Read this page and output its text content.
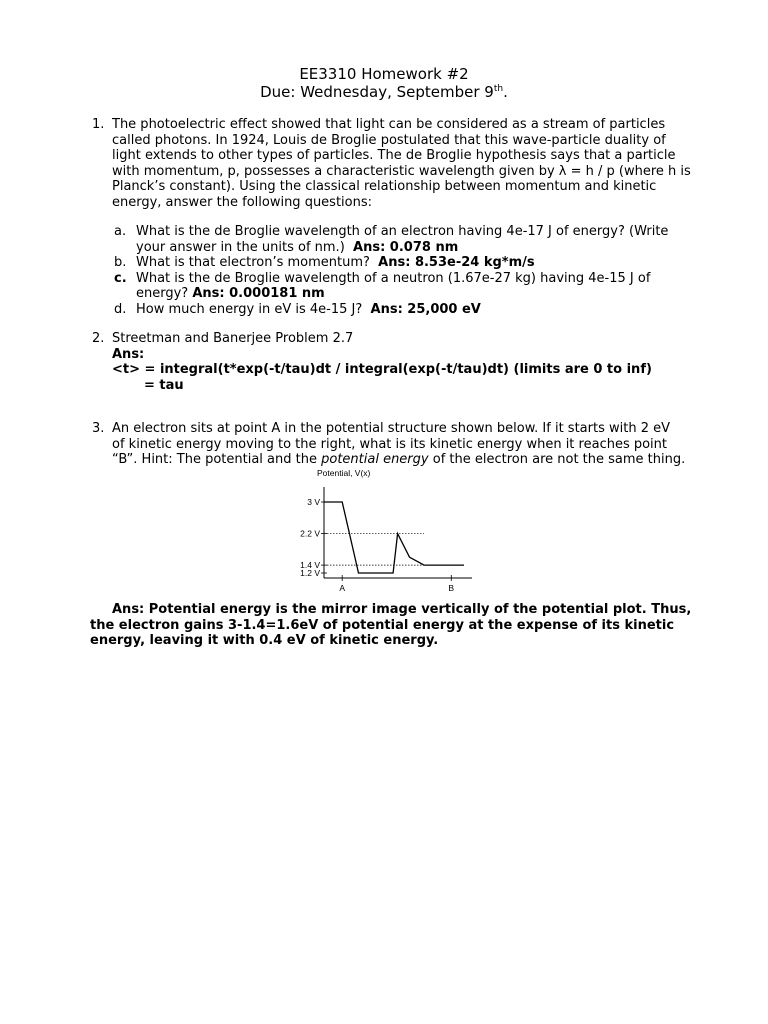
EE3310 Homework #2
Due: Wednesday, September 9th.
1. The photoelectric effect showed that light can be considered as a stream of particles
called photons. In 1924, Louis de Broglie postulated that this wave-particle duality of
light extends to other types of particles. The de Broglie hypothesis says that a particle
with momentum, p, possesses a characteristic wavelength given by λ = h / p (where h is
Planck’s constant). Using the classical relationship between momentum and kinetic
energy, answer the following questions:
a. What is the de Broglie wavelength of an electron having 4e-17 J of energy? (Write
your answer in the units of nm.) Ans: 0.078 nm
b. What is that electron’s momentum? Ans: 8.53e-24 kg*m/s
c. What is the de Broglie wavelength of a neutron (1.67e-27 kg) having 4e-15 J of
energy? Ans: 0.000181 nm
d. How much energy in eV is 4e-15 J? Ans: 25,000 eV
2. Streetman and Banerjee Problem 2.7
Ans:
<t> = integral(t*exp(-t/tau)dt / integral(exp(-t/tau)dt) (limits are 0 to inf)
= tau
3. An electron sits at point A in the potential structure shown below. If it starts with 2 eV
of kinetic energy moving to the right, what is its kinetic energy when it reaches point
“B”. Hint: The potential and the potential energy of the electron are not the same thing.
Potential, V(x)
3 V
2.2 V
1.4 V
1.2 V
A	B
Ans: Potential energy is the mirror image vertically of the potential plot. Thus,
the electron gains 3-1.4=1.6eV of potential energy at the expense of its kinetic
energy, leaving it with 0.4 eV of kinetic energy.
